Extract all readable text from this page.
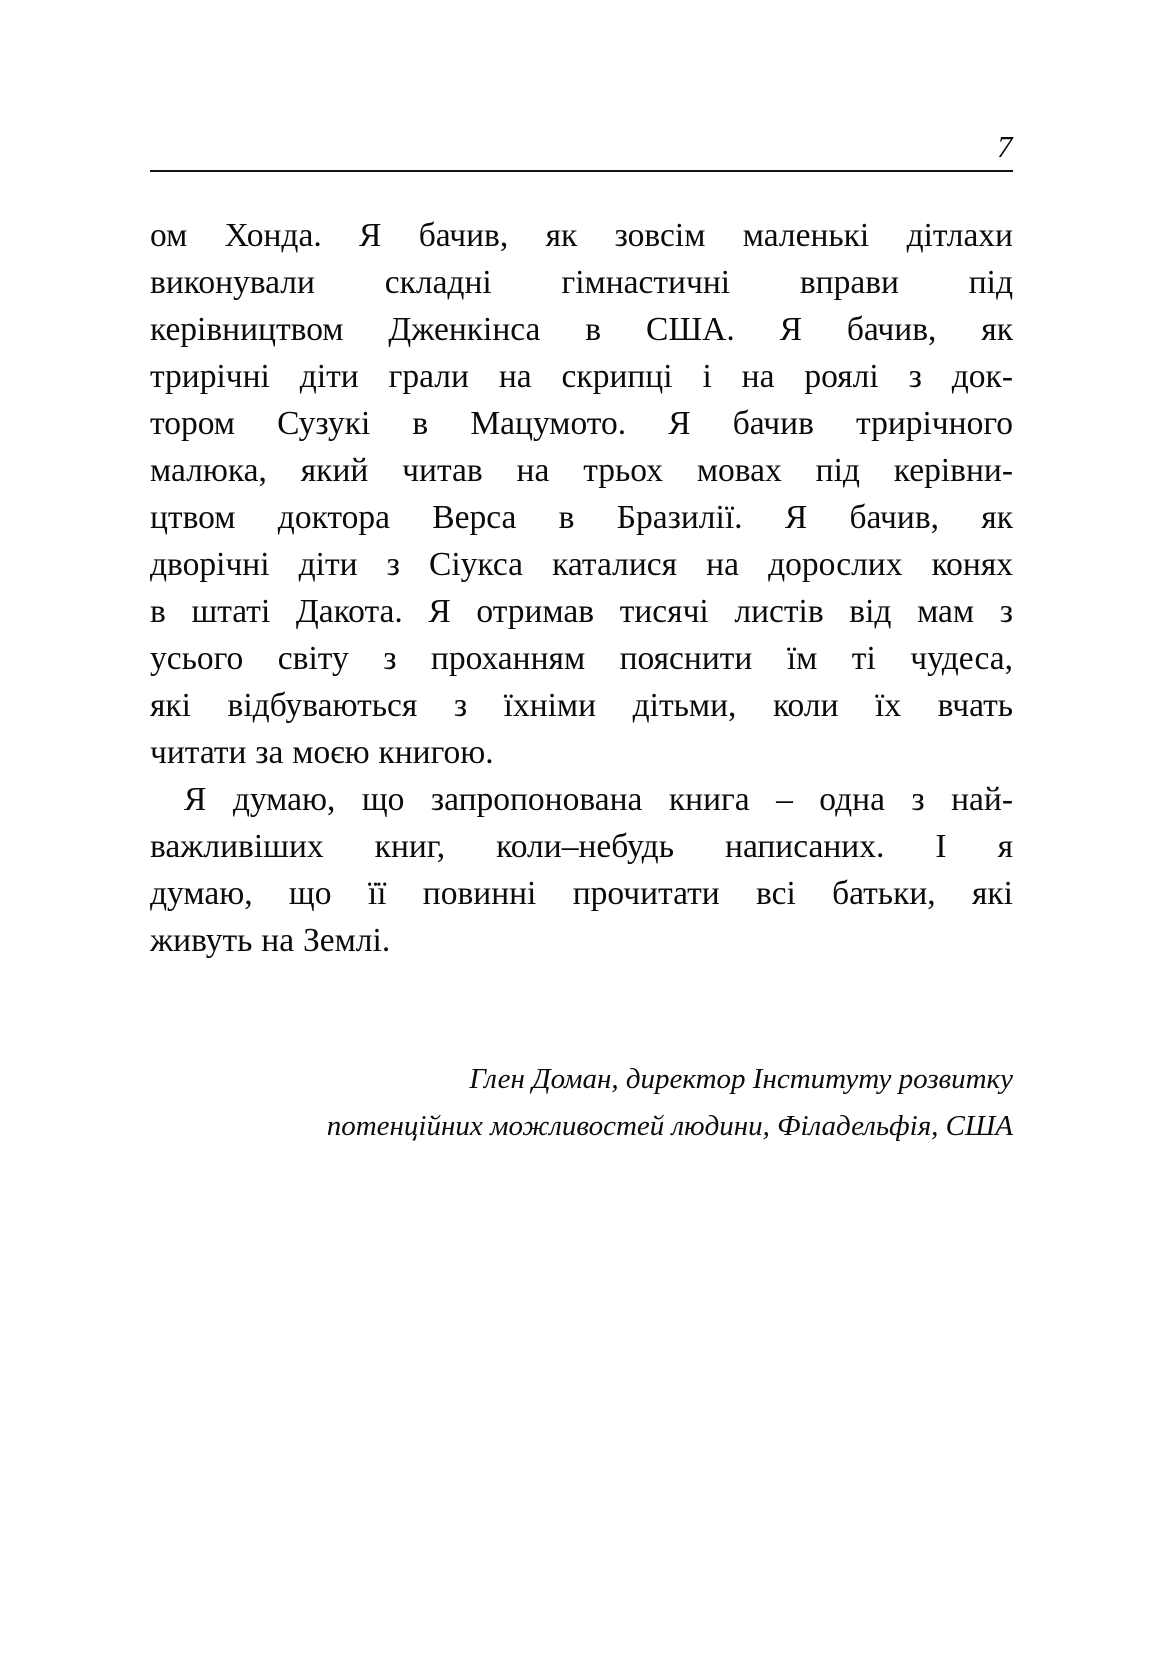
7

ом Хонда. Я бачив, як зовсім маленькі дітлахи
виконували складні гімнастичні вправи під
керівництвом Дженкінса в США. Я бачив, як
трирічні діти грали на скрипці і на роялі з док-
тором Сузукі в Мацумото. Я бачив трирічного
малюка, який читав на трьох мовах під керівни-
цтвом доктора Верса в Бразилії. Я бачив, як
дворічні діти з Сіукса каталися на дорослих конях
в штаті Дакота. Я отримав тисячі листів від мам з
усього світу з проханням пояснити їм ті чудеса,
які відбуваються з їхніми дітьми, коли їх вчать
читати за моєю книгою.

Я думаю, що запропонована книга – одна з най-
важливіших книг, коли–небудь написаних. І я
думаю, що її повинні прочитати всі батьки, які
живуть на Землі.

Глен Доман, директор Інституту розвитку
потенційних можливостей людини, Філадельфія, США
